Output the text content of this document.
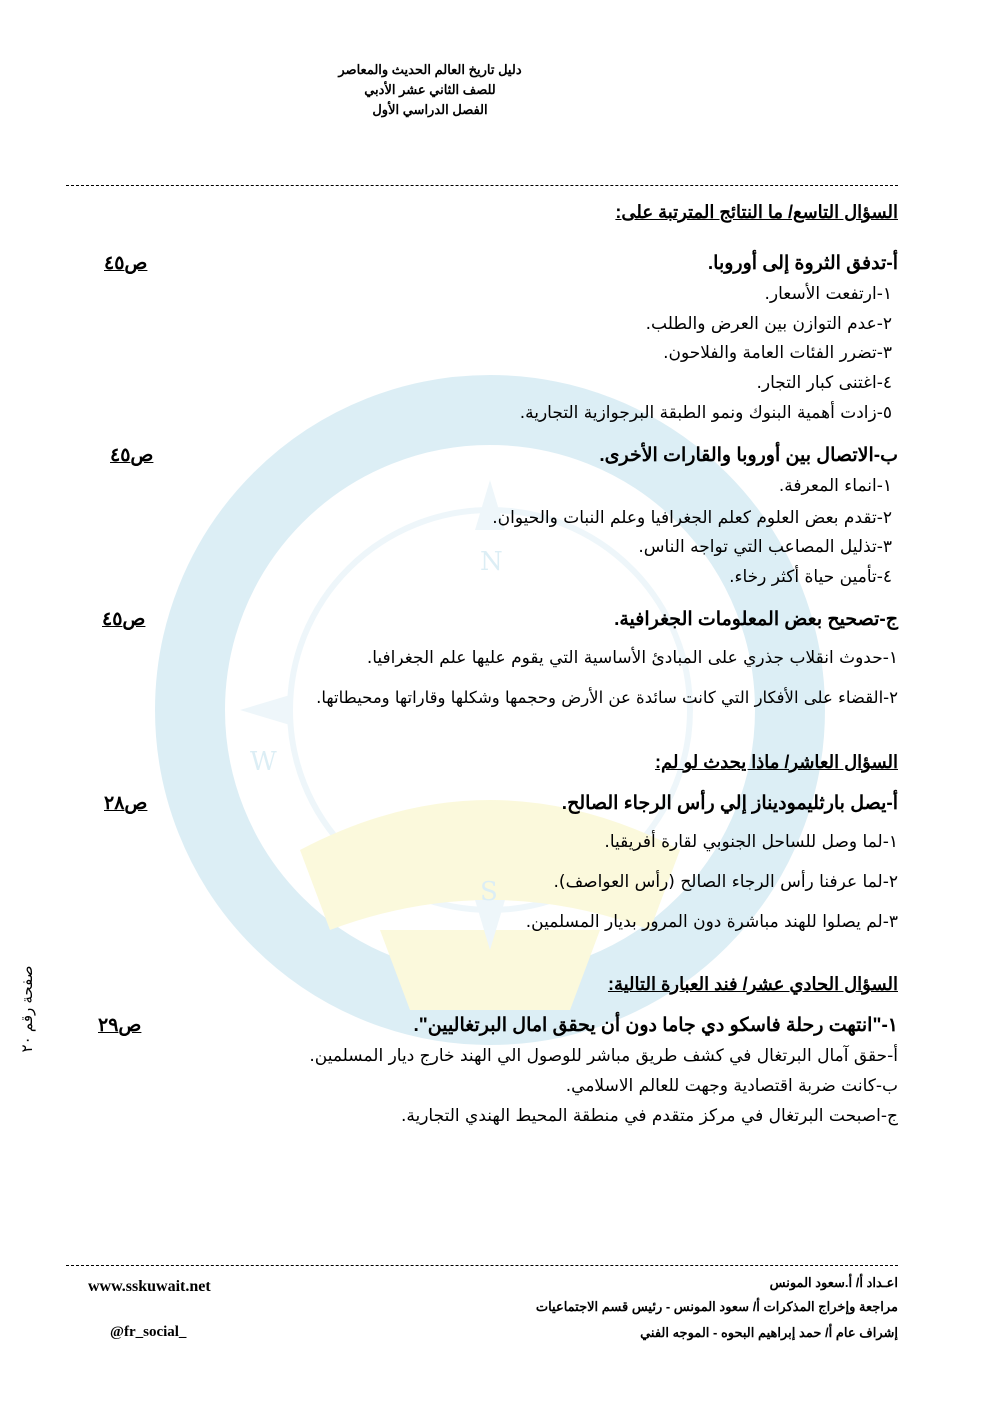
N
S
W
دليل تاريخ العالم الحديث والمعاصر
للصف الثاني عشر الأدبي
الفصل الدراسي الأول
السؤال التاسع/ ما النتائج المترتبة على:
أ-تدفق الثروة إلى أوروبا.
ص٤٥
١-ارتفعت الأسعار.
٢-عدم التوازن بين العرض والطلب.
٣-تضرر الفئات العامة والفلاحون.
٤-اغتنى كبار التجار.
٥-زادت أهمية البنوك ونمو الطبقة البرجوازية التجارية.
ب-الاتصال بين أوروبا والقارات الأخرى.
ص٤٥
١-انماء المعرفة.
٢-تقدم بعض العلوم كعلم الجغرافيا وعلم النبات والحيوان.
٣-تذليل المصاعب التي تواجه الناس.
٤-تأمين حياة أكثر رخاء.
ج-تصحيح بعض المعلومات الجغرافية.
ص٤٥
١-حدوث انقلاب جذري على المبادئ الأساسية التي يقوم عليها علم الجغرافيا.
٢-القضاء على الأفكار التي كانت سائدة عن الأرض وحجمها وشكلها وقاراتها ومحيطاتها.
السؤال العاشر/ ماذا يحدث لو لم:
أ-يصل بارثليموديناز إلي رأس الرجاء الصالح.
ص٢٨
١-لما وصل للساحل الجنوبي لقارة أفريقيا.
٢-لما عرفنا رأس الرجاء الصالح (رأس العواصف).
٣-لم يصلوا للهند مباشرة دون المرور بديار المسلمين.
السؤال الحادي عشر/ فند العبارة التالية:
١-"انتهت رحلة فاسكو دي جاما دون أن يحقق امال البرتغاليين".
ص٢٩
أ-حقق آمال البرتغال في كشف طريق مباشر للوصول الي الهند خارج ديار المسلمين.
ب-كانت ضربة اقتصادية وجهت للعالم الاسلامي.
ج-اصبحت البرتغال في مركز متقدم في منطقة المحيط الهندي التجارية.
صفحة رقم ٢٠
اعـداد أ/ أ.سعود المونس
مراجعة وإخراج المذكرات أ/ سعود المونس - رئيس قسم الاجتماعيات
إشراف عام أ/ حمد إبراهيم البحوه - الموجه الفني
www.sskuwait.net
@fr_social_
